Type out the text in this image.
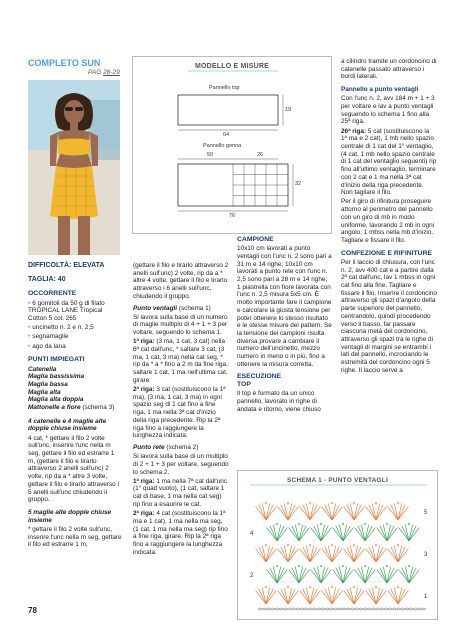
COMPLETO SUN
PAG 28-29

DIFFICOLTÀ: ELEVATA

TAGLIA: 40

OCCORRENTE

• 6 gomitoli da 50 g di filato TROPICAL LANE Tropical Cotton 5 col. 265

• uncinetto n. 2 e n. 2,5

• segnamaglie

• ago da lana

PUNTI IMPIEGATI

Catenella

Maglia bassissima

Maglia bassa

Maglia alta

Maglia alta doppia

Mattonelle a fiore (schema 3)

4 catenelle e 4 maglie alte doppie chiuse insieme

4 cat, * gettare il filo 2 volte sull'unc, inserire l'unc nella m seg, gettare il filo ed estrarre 1 m, (gettare il filo e tirarlo attraverso 2 anelli sull'unc) 2 volte, rip da a * altre 3 volte, gettare il filo e tirarlo attraverso i 5 anelli sull'unc chiudendo il gruppo.

5 maglie alte doppie chiuse insieme

* gettare il filo 2 volte sull'unc, inserire l'unc nella m seg, gettare il filo ed estrarre 1 m,

(gettare il filo e tirarlo attraverso 2 anelli sull'unc) 2 volte, rip da a * altre 4 volte, gettare il filo e tirarlo attraverso i 6 anelli sull'unc, chiudendo il gruppo.

Punto ventagli (schema 1)

Si lavora sulla base di un numero di maglie multiplo di 4 + 1 + 3 per voltare, seguendo lo schema 1.

1ª riga: (3 ma, 1 cat, 3 cat) nella 6ª cat dall'unc, * saltare 3 cat, (3 ma, 1 cat, 3 ma) nella cat seg, * rip da * a * fino a 2 m da fine riga, saltare 1 cat, 1 ma nell'ultima cat, girare

2ª riga: 3 cat (sostituiscono la 1ª ma), (3 ma, 1 cat, 3 ma) in ogni spazio seg di 1 cat fino a fine riga, 1 ma nella 3ª cat d'inizio della riga precedente. Rip la 2ª riga fino a raggiungere la lunghezza indicata.

Punto rete (schema 2)

Si lavora sulla base di un multiplo di 2 + 1 + 3 per voltare, seguendo lo schema 2.

1ª riga: 1 ma nella 7ª cat dall'unc (1° quad vuoto), (1 cat, saltare 1 cat di base, 1 ma nella cat seg) rip fino a esaurire le cat.

2ª riga: 4 cat (sostituiscono la 1ª ma e 1 cat), 1 ma nella ma seg, (1 cat, 1 ma nella ma seg) rip fino a fine riga, girare. Rip la 2ª riga fino a raggiungere la lunghezza indicata.

MODELLO E MISURE
Pannello top
19
64
Pannello gonna
50	26
32
76

CAMPIONE

10x10 cm lavorati a punto ventagli con l'unc n. 2 sono pari a 31 m e 14 righe; 10x10 cm lavorati a punto rete con l'unc n. 2,5 sono pari a 28 m e 14 righe; 1 piastrella con fiore lavorata con l'unc n. 2,5 misura 5x5 cm. È molto importante fare il campione e calcolare la giusta tensione per poter ottenere lo stesso risultato e le stesse misure del pattern. Se la tensione dei campioni risulta diversa provare a cambiare il numero dell'uncinetto, mezzo numero in meno o in più, fino a ottenere la misura corretta.

ESECUZIONE

TOP

Il top è formato da un unico pannello, lavorato in righe di andata e ritorno, viene chiuso

a cilindro tramite un cordoncino di catenelle passato attraverso i bordi laterali.

Pannello a punto ventagli

Con l'unc n. 2, avv 184 m + 1 + 3 per voltare e lav a punto ventagli seguendo lo schema 1 fino alla 25ª riga.

26ª riga: 5 cat (sostituiscono la 1ª ma e 2 cat), 1 mb nello spazio centrale di 1 cat del 1° ventaglio, (4 cat, 1 mb nello spazio centrale di 1 cat del ventaglio seguenti) rip fino all'ultimo ventaglio, terminare con 2 cat e 1 ma nella 3ª cat d'inizio della riga precedente. Non tagliare il filo.

Per il giro di rifinitura proseguire attorno al perimetro del pannello con un giro di mb in modo uniforme, lavorando 2 mb in ogni angolo; 1 mbss nella mb d'inizio. Tagliare e fissare il filo.

CONFEZIONE E RIFINITURE

Per il laccio di chiusura, con l'unc n. 2, avv 400 cat e a partire dalla 2ª cat dall'unc, lav 1 mbss in ogni cat fino alla fine. Tagliare e fissare il filo. Inserire il cordoncino attraverso gli spazi d'angolo della parte superiore del pannello, centrandolo, quindi procedendo verso il basso, far passare ciascuna metà del cordoncino, attraverso gli spazi tra le righe di ventagli di margini se entrambi i lati del pannello, incrociando le estremità del cordoncino ogni 5 righe. Il laccio serve a

SCHEMA 1 - PUNTO VENTAGLI
1
2
3
4
5
78
